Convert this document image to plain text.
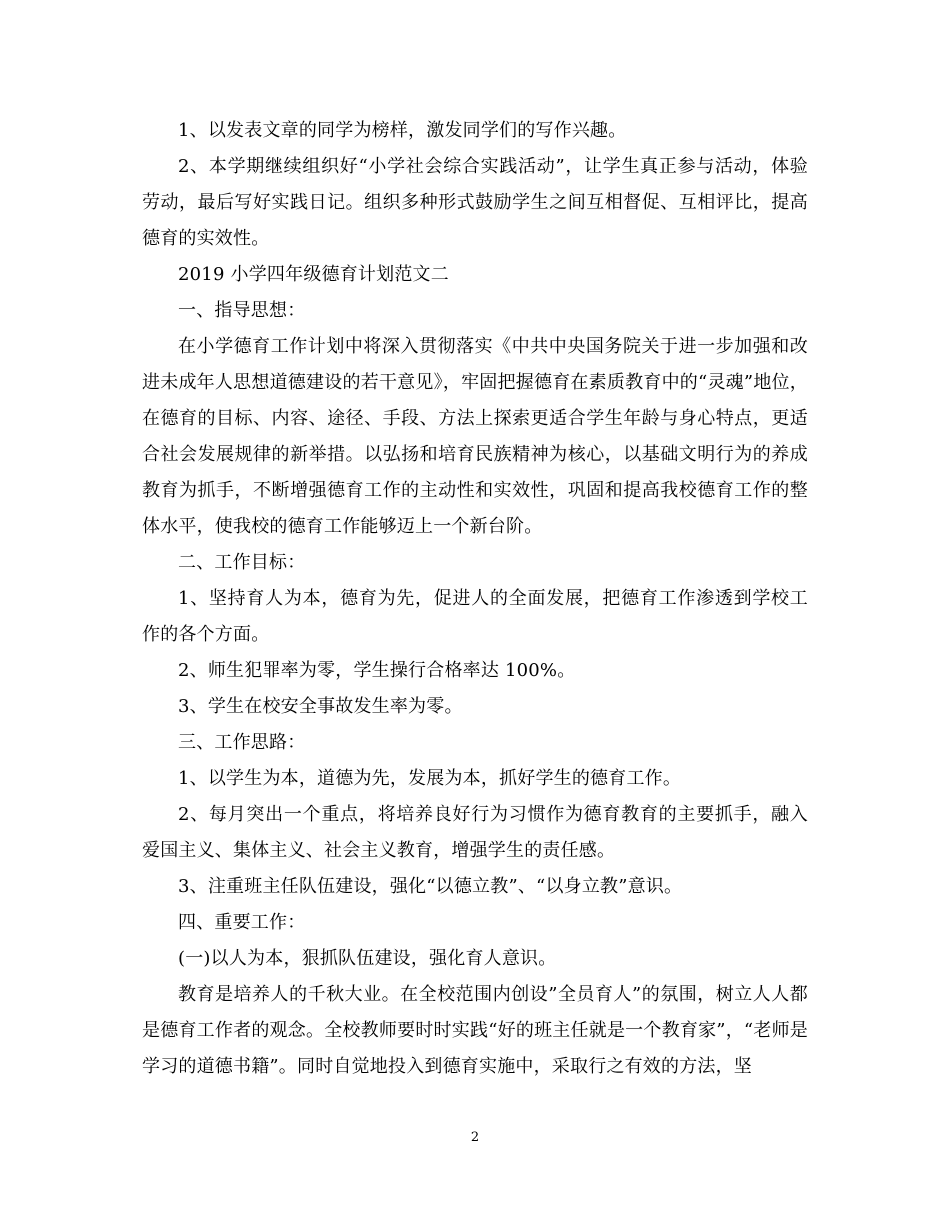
1、以发表文章的同学为榜样，激发同学们的写作兴趣。

2、本学期继续组织好“小学社会综合实践活动”，让学生真正参与活动，体验劳动，最后写好实践日记。组织多种形式鼓励学生之间互相督促、互相评比，提高德育的实效性。

2019 小学四年级德育计划范文二

一、指导思想：

在小学德育工作计划中将深入贯彻落实《中共中央国务院关于进一步加强和改进未成年人思想道德建设的若干意见》，牢固把握德育在素质教育中的“灵魂”地位，在德育的目标、内容、途径、手段、方法上探索更适合学生年龄与身心特点，更适合社会发展规律的新举措。以弘扬和培育民族精神为核心，以基础文明行为的养成教育为抓手，不断增强德育工作的主动性和实效性，巩固和提高我校德育工作的整体水平，使我校的德育工作能够迈上一个新台阶。

二、工作目标：

1、坚持育人为本，德育为先，促进人的全面发展，把德育工作渗透到学校工作的各个方面。

2、师生犯罪率为零，学生操行合格率达 100%。

3、学生在校安全事故发生率为零。

三、工作思路：

1、以学生为本，道德为先，发展为本，抓好学生的德育工作。

2、每月突出一个重点，将培养良好行为习惯作为德育教育的主要抓手，融入爱国主义、集体主义、社会主义教育，增强学生的责任感。

3、注重班主任队伍建设，强化“以德立教”、“以身立教”意识。

四、重要工作：

(一)以人为本，狠抓队伍建设，强化育人意识。

教育是培养人的千秋大业。在全校范围内创设”全员育人”的氛围，树立人人都是德育工作者的观念。全校教师要时时实践“好的班主任就是一个教育家”，“老师是学习的道德书籍”。同时自觉地投入到德育实施中，采取行之有效的方法，坚

2
